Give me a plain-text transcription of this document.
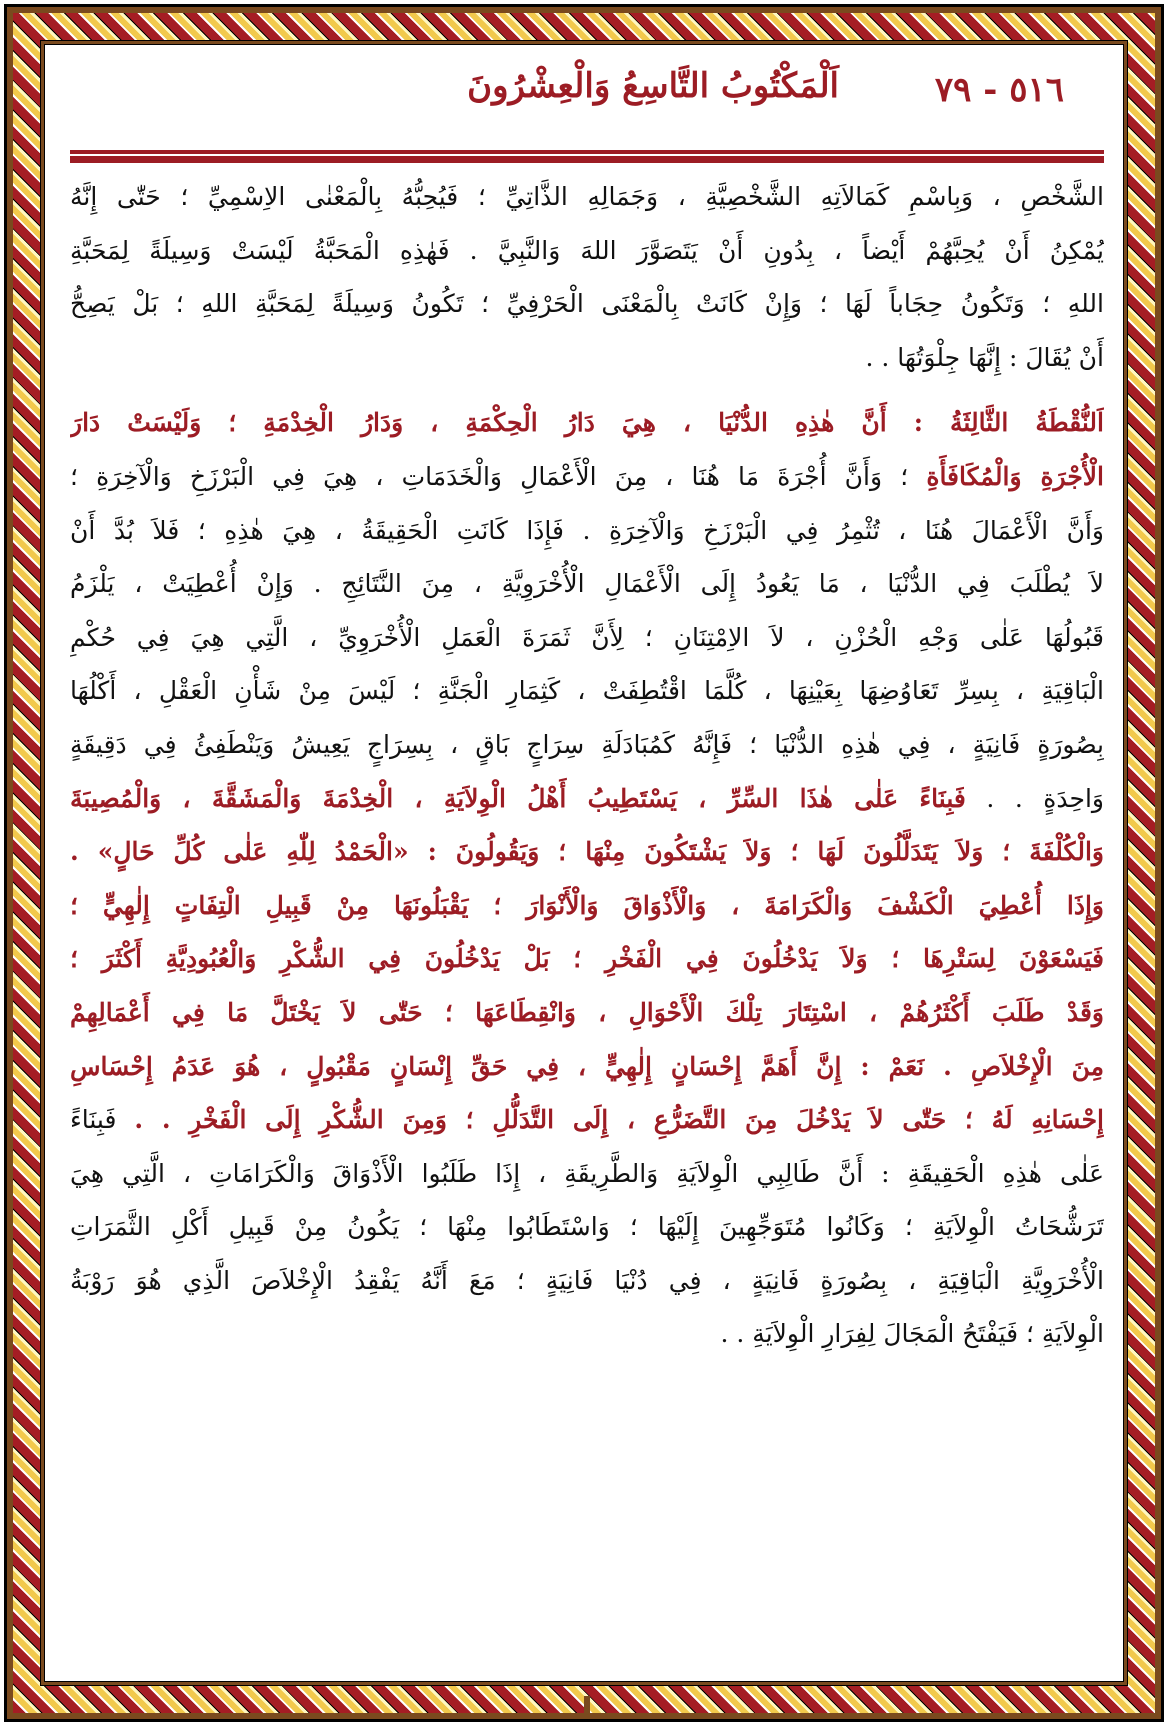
٥١٦ - ٧٩
اَلْمَكْتُوبُ التَّاسِعُ وَالْعِشْرُونَ
الشَّخْصِ ، وَبِاسْمِ كَمَالاَتِهِ الشَّخْصِيَّةِ ، وَجَمَالِهِ الذَّاتِيِّ ؛ فَيُحِبُّهُ بِالْمَعْنٰى الاِسْمِيِّ ؛ حَتّٰى إِنَّهُ
يُمْكِنُ أَنْ يُحِبَّهُمْ أَيْضاً ، بِدُونِ أَنْ يَتَصَوَّرَ اللهَ وَالنَّبِيَّ . فَهٰذِهِ الْمَحَبَّةُ لَيْسَتْ وَسِيلَةً لِمَحَبَّةِ
اللهِ ؛ وَتَكُونُ حِجَاباً لَهَا ؛ وَإِنْ كَانَتْ بِالْمَعْنَى الْحَرْفِيِّ ؛ تَكُونُ وَسِيلَةً لِمَحَبَّةِ اللهِ ؛ بَلْ يَصِحُّ
أَنْ يُقَالَ : إِنَّهَا جِلْوَتُهَا . .
اَلنُّقْطَةُ الثَّالِثَةُ : أَنَّ هٰذِهِ الدُّنْيَا ، هِيَ دَارُ الْحِكْمَةِ ، وَدَارُ الْخِدْمَةِ ؛ وَلَيْسَتْ دَارَ
الْأُجْرَةِ وَالْمُكَافَأَةِ ؛ وَأَنَّ أُجْرَةَ مَا هُنَا ، مِنَ الْأَعْمَالِ وَالْخَدَمَاتِ ، هِيَ فِي الْبَرْزَخِ وَالْآخِرَةِ ؛
وَأَنَّ الْأَعْمَالَ هُنَا ، تُثْمِرُ فِي الْبَرْزَخِ وَالْآخِرَةِ . فَإِذَا كَانَتِ الْحَقِيقَةُ ، هِيَ هٰذِهِ ؛ فَلاَ بُدَّ أَنْ
لاَ يُطْلَبَ فِي الدُّنْيَا ، مَا يَعُودُ إِلَى الْأَعْمَالِ الْأُخْرَوِيَّةِ ، مِنَ النَّتَائِجِ . وَإِنْ أُعْطِيَتْ ، يَلْزَمُ
قَبُولُهَا عَلٰى وَجْهِ الْحُزْنِ ، لاَ الاِمْتِنَانِ ؛ لِأَنَّ ثَمَرَةَ الْعَمَلِ الْأُخْرَوِيِّ ، الَّتِي هِيَ فِي حُكْمِ
الْبَاقِيَةِ ، بِسِرِّ تَعَاوُضِهَا بِعَيْنِهَا ، كُلَّمَا اقْتُطِفَتْ ، كَثِمَارِ الْجَنَّةِ ؛ لَيْسَ مِنْ شَأْنِ الْعَقْلِ ، أَكْلُهَا
بِصُورَةٍ فَانِيَةٍ ، فِي هٰذِهِ الدُّنْيَا ؛ فَإِنَّهُ كَمُبَادَلَةِ سِرَاجٍ بَاقٍ ، بِسِرَاجٍ يَعِيشُ وَيَنْطَفِئُ فِي دَقِيقَةٍ
وَاحِدَةٍ . . فَبِنَاءً عَلٰى هٰذَا السِّرِّ ، يَسْتَطِيبُ أَهْلُ الْوِلاَيَةِ ، الْخِدْمَةَ وَالْمَشَقَّةَ ، وَالْمُصِيبَةَ
وَالْكُلْفَةَ ؛ وَلاَ يَتَدَلَّلُونَ لَهَا ؛ وَلاَ يَشْتَكُونَ مِنْهَا ؛ وَيَقُولُونَ : «الْحَمْدُ لِلّٰهِ عَلٰى كُلِّ حَالٍ» .
وَإِذَا أُعْطِيَ الْكَشْفَ وَالْكَرَامَةَ ، وَالْأَذْوَاقَ وَالْأَنْوَارَ ؛ يَقْبَلُونَهَا مِنْ قَبِيلِ الْتِفَاتٍ إِلٰهِيٍّ ؛
فَيَسْعَوْنَ لِسَتْرِهَا ؛ وَلاَ يَدْخُلُونَ فِي الْفَخْرِ ؛ بَلْ يَدْخُلُونَ فِي الشُّكْرِ وَالْعُبُودِيَّةِ أَكْثَرَ ؛
وَقَدْ طَلَبَ أَكْثَرُهُمْ ، اسْتِتَارَ تِلْكَ الْأَحْوَالِ ، وَانْقِطَاعَهَا ؛ حَتّٰى لاَ يَخْتَلَّ مَا فِي أَعْمَالِهِمْ
مِنَ الْإِخْلاَصِ . نَعَمْ : إِنَّ أَهَمَّ إِحْسَانٍ إِلٰهِيٍّ ، فِي حَقِّ إِنْسَانٍ مَقْبُولٍ ، هُوَ عَدَمُ إِحْسَاسِ
إِحْسَانِهِ لَهُ ؛ حَتّٰى لاَ يَدْخُلَ مِنَ التَّضَرُّعِ ، إِلَى التَّدَلُّلِ ؛ وَمِنَ الشُّكْرِ إِلَى الْفَخْرِ . . فَبِنَاءً
عَلٰى هٰذِهِ الْحَقِيقَةِ : أَنَّ طَالِبِي الْوِلاَيَةِ وَالطَّرِيقَةِ ، إِذَا طَلَبُوا الْأَذْوَاقَ وَالْكَرَامَاتِ ، الَّتِي هِيَ
تَرَشُّحَاتُ الْوِلاَيَةِ ؛ وَكَانُوا مُتَوَجِّهِينَ إِلَيْهَا ؛ وَاسْتَطَابُوا مِنْهَا ؛ يَكُونُ مِنْ قَبِيلِ أَكْلِ الثَّمَرَاتِ
الْأُخْرَوِيَّةِ الْبَاقِيَةِ ، بِصُورَةٍ فَانِيَةٍ ، فِي دُنْيَا فَانِيَةٍ ؛ مَعَ أَنَّهُ يَفْقِدُ الْإِخْلاَصَ الَّذِي هُوَ رَوْبَةُ
الْوِلاَيَةِ ؛ فَيَفْتَحُ الْمَجَالَ لِفِرَارِ الْوِلاَيَةِ . .
